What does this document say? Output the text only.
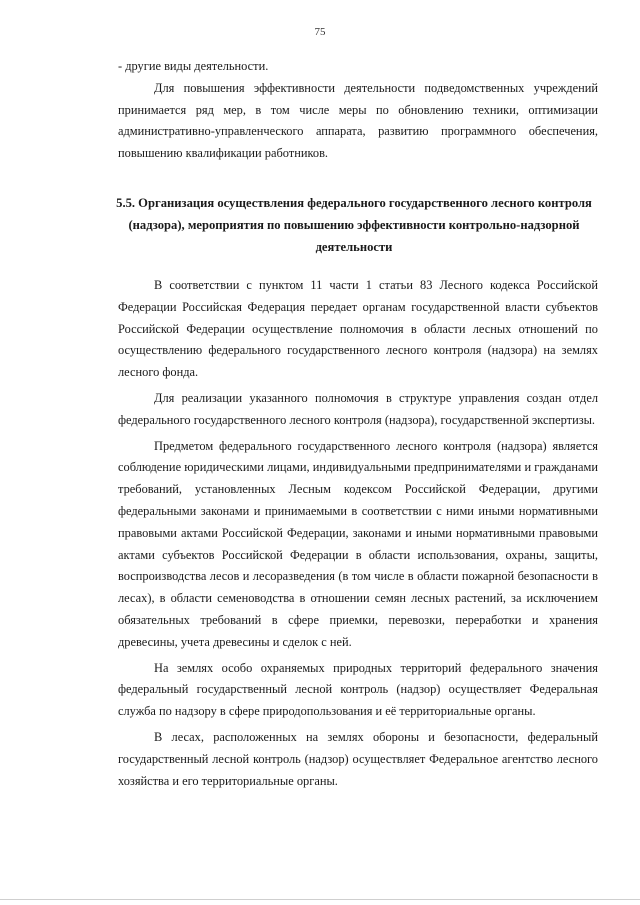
75

- другие виды деятельности.

Для повышения эффективности деятельности подведомственных учреждений принимается ряд мер, в том числе меры по обновлению техники, оптимизации административно-управленческого аппарата, развитию программного обеспечения, повышению квалификации работников.

5.5. Организация осуществления федерального государственного лесного контроля (надзора), мероприятия по повышению эффективности контрольно-надзорной деятельности

В соответствии с пунктом 11 части 1 статьи 83 Лесного кодекса Российской Федерации Российская Федерация передает органам государственной власти субъектов Российской Федерации осуществление полномочия в области лесных отношений по осуществлению федерального государственного лесного контроля (надзора) на землях лесного фонда.

Для реализации указанного полномочия в структуре управления создан отдел федерального государственного лесного контроля (надзора), государственной экспертизы.

Предметом федерального государственного лесного контроля (надзора) является соблюдение юридическими лицами, индивидуальными предпринимателями и гражданами требований, установленных Лесным кодексом Российской Федерации, другими федеральными законами и принимаемыми в соответствии с ними иными нормативными правовыми актами Российской Федерации, законами и иными нормативными правовыми актами субъектов Российской Федерации в области использования, охраны, защиты, воспроизводства лесов и лесоразведения (в том числе в области пожарной безопасности в лесах), в области семеноводства в отношении семян лесных растений, за исключением обязательных требований в сфере приемки, перевозки, переработки и хранения древесины, учета древесины и сделок с ней.

На землях особо охраняемых природных территорий федерального значения федеральный государственный лесной контроль (надзор) осуществляет Федеральная служба по надзору в сфере природопользования и её территориальные органы.

В лесах, расположенных на землях обороны и безопасности, федеральный государственный лесной контроль (надзор) осуществляет Федеральное агентство лесного хозяйства и его территориальные органы.
